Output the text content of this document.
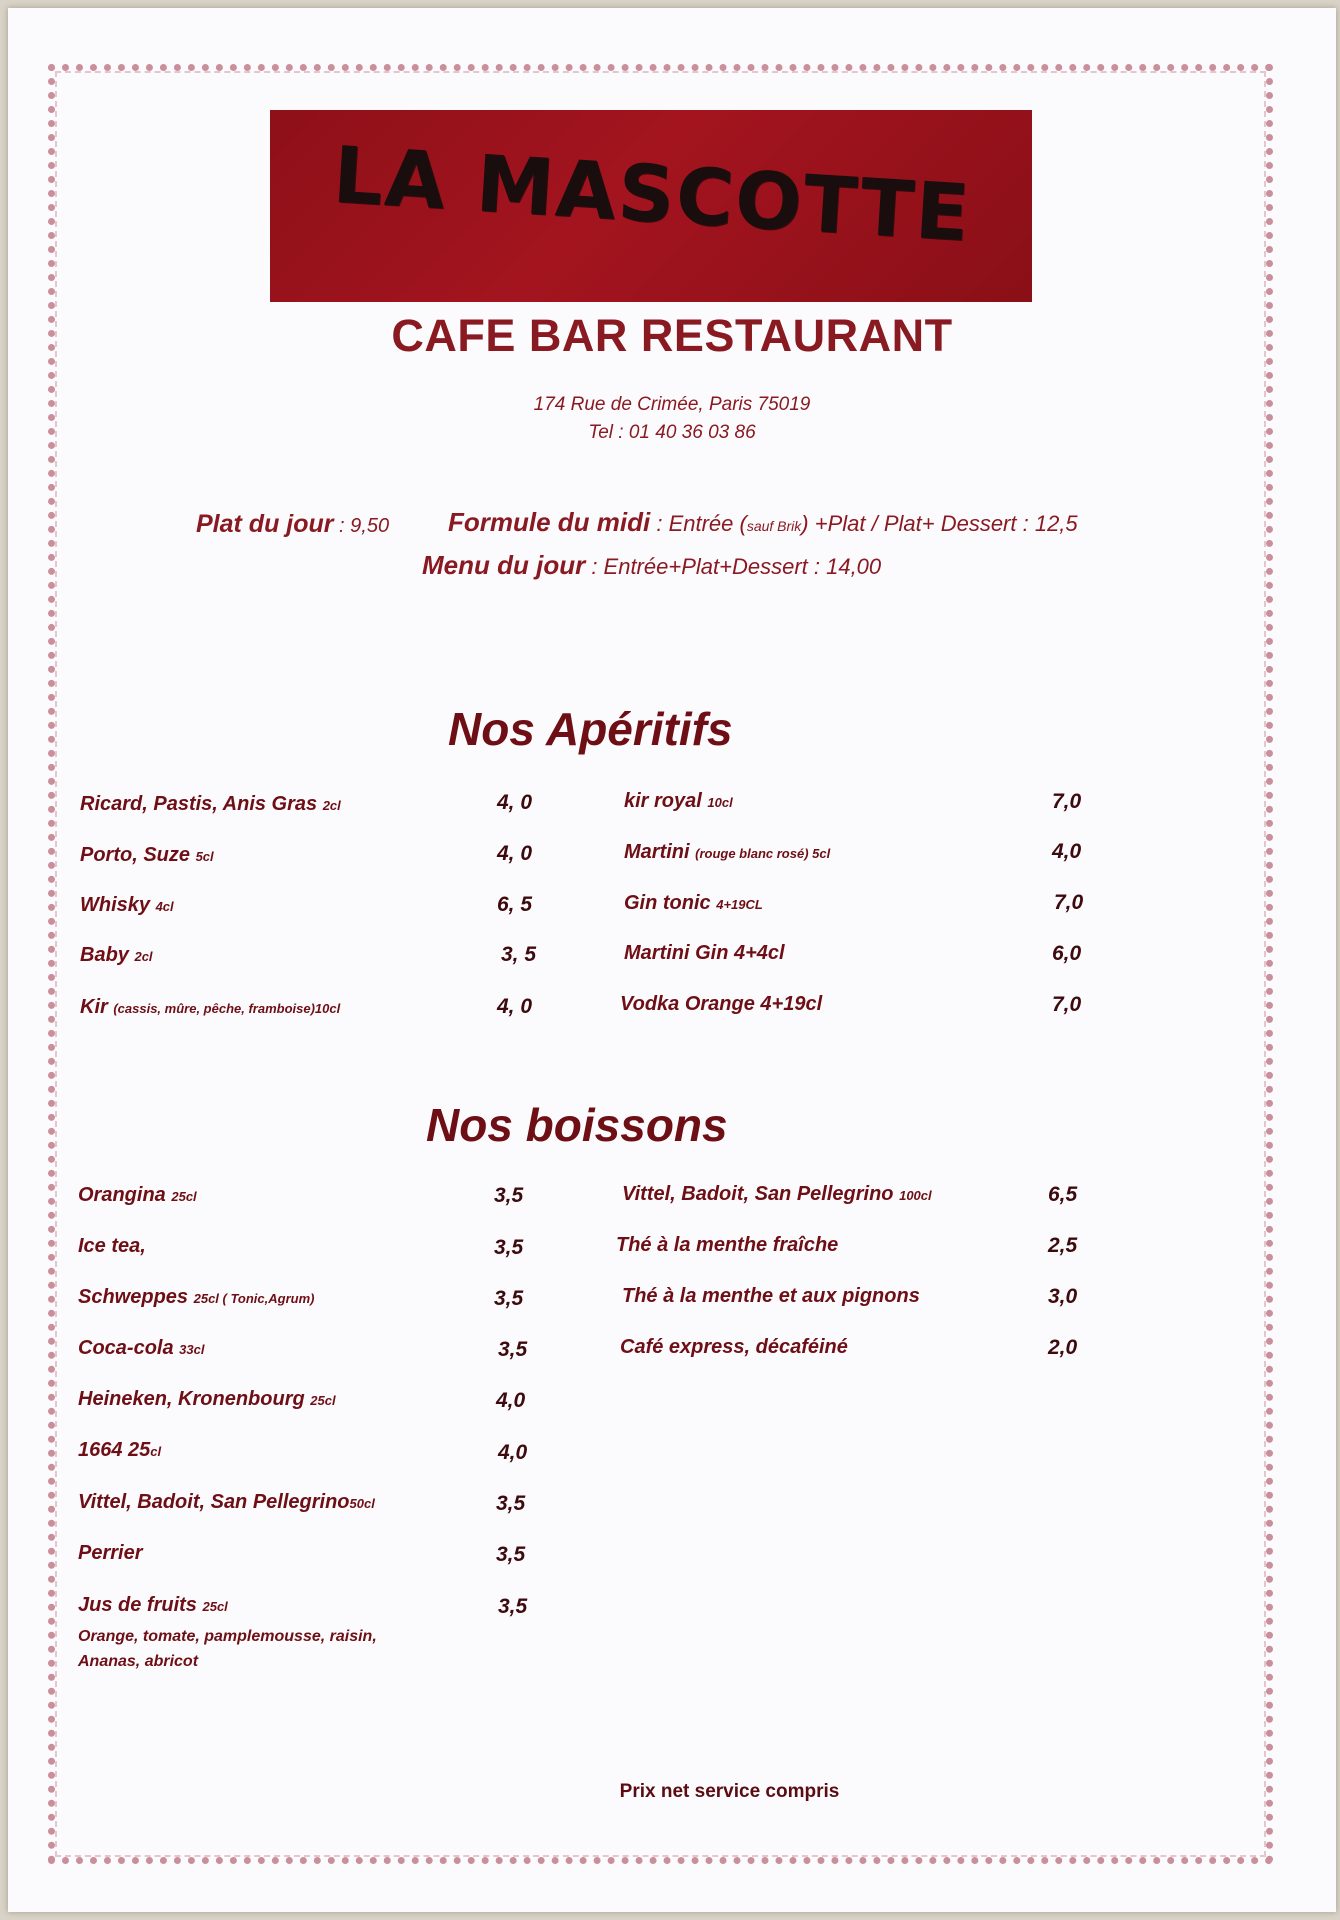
LA MASCOTTE
CAFE BAR RESTAURANT
174 Rue de Crimée, Paris 75019
Tel : 01 40 36 03 86
Plat du jour : 9,50 Formule du midi : Entrée (sauf Brik) +Plat / Plat+ Dessert : 12,5
Menu du jour : Entrée+Plat+Dessert : 14,00
Nos Apéritifs
Ricard, Pastis, Anis Gras 2cl	4, 0
Porto, Suze 5cl	4, 0
Whisky 4cl	6, 5
Baby 2cl	3, 5
Kir (cassis, mûre, pêche, framboise)10cl	4, 0
kir royal 10cl	7,0
Martini (rouge blanc rosé) 5cl	4,0
Gin tonic 4+19CL	7,0
Martini Gin 4+4cl	6,0
Vodka Orange 4+19cl	7,0
Nos boissons
Orangina 25cl	3,5
Ice tea,	3,5
Schweppes 25cl ( Tonic,Agrum)	3,5
Coca-cola 33cl	3,5
Heineken, Kronenbourg 25cl	4,0
1664 25cl	4,0
Vittel, Badoit, San Pellegrino50cl	3,5
Perrier	3,5
Jus de fruits 25cl	3,5
Orange, tomate, pamplemousse, raisin,
Ananas, abricot
Vittel, Badoit, San Pellegrino 100cl	6,5
Thé à la menthe fraîche	2,5
Thé à la menthe et aux pignons	3,0
Café express, décaféiné	2,0
Prix net service compris
